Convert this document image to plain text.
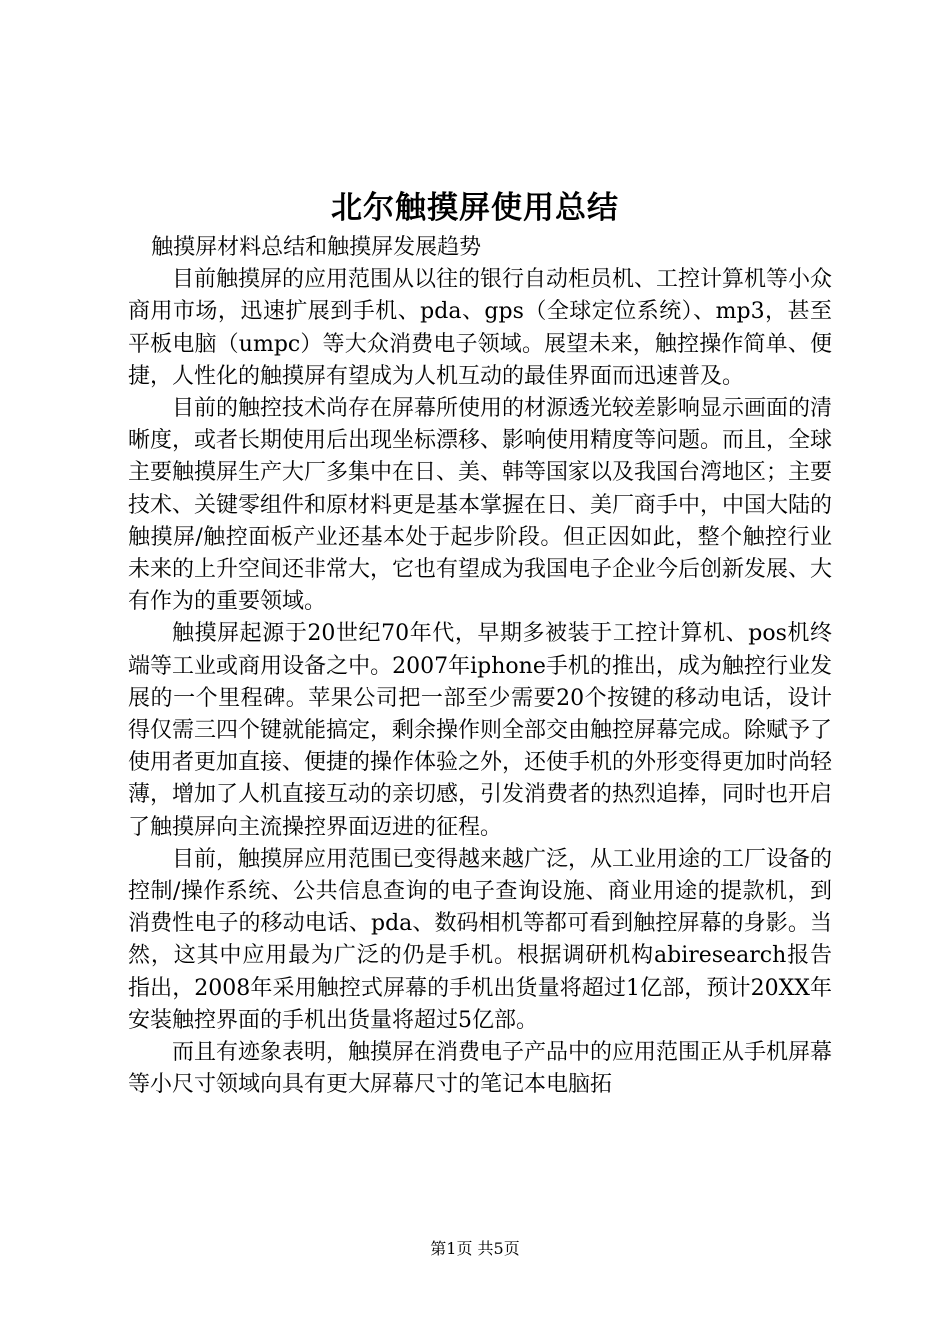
北尔触摸屏使用总结

触摸屏材料总结和触摸屏发展趋势

目前触摸屏的应用范围从以往的银行自动柜员机、工控计算机等小众商用市场，迅速扩展到手机、pda、gps（全球定位系统）、mp3，甚至平板电脑（umpc）等大众消费电子领域。展望未来，触控操作简单、便捷，人性化的触摸屏有望成为人机互动的最佳界面而迅速普及。

目前的触控技术尚存在屏幕所使用的材源透光较差影响显示画面的清晰度，或者长期使用后出现坐标漂移、影响使用精度等问题。而且，全球主要触摸屏生产大厂多集中在日、美、韩等国家以及我国台湾地区；主要技术、关键零组件和原材料更是基本掌握在日、美厂商手中，中国大陆的触摸屏/触控面板产业还基本处于起步阶段。但正因如此，整个触控行业未来的上升空间还非常大，它也有望成为我国电子企业今后创新发展、大有作为的重要领域。

触摸屏起源于20世纪70年代，早期多被装于工控计算机、pos机终端等工业或商用设备之中。2007年iphone手机的推出，成为触控行业发展的一个里程碑。苹果公司把一部至少需要20个按键的移动电话，设计得仅需三四个键就能搞定，剩余操作则全部交由触控屏幕完成。除赋予了使用者更加直接、便捷的操作体验之外，还使手机的外形变得更加时尚轻薄，增加了人机直接互动的亲切感，引发消费者的热烈追捧，同时也开启了触摸屏向主流操控界面迈进的征程。

目前，触摸屏应用范围已变得越来越广泛，从工业用途的工厂设备的控制/操作系统、公共信息查询的电子查询设施、商业用途的提款机，到消费性电子的移动电话、pda、数码相机等都可看到触控屏幕的身影。当然，这其中应用最为广泛的仍是手机。根据调研机构abiresearch报告指出，2008年采用触控式屏幕的手机出货量将超过1亿部，预计20XX年安装触控界面的手机出货量将超过5亿部。

而且有迹象表明，触摸屏在消费电子产品中的应用范围正从手机屏幕等小尺寸领域向具有更大屏幕尺寸的笔记本电脑拓

第1页 共5页
